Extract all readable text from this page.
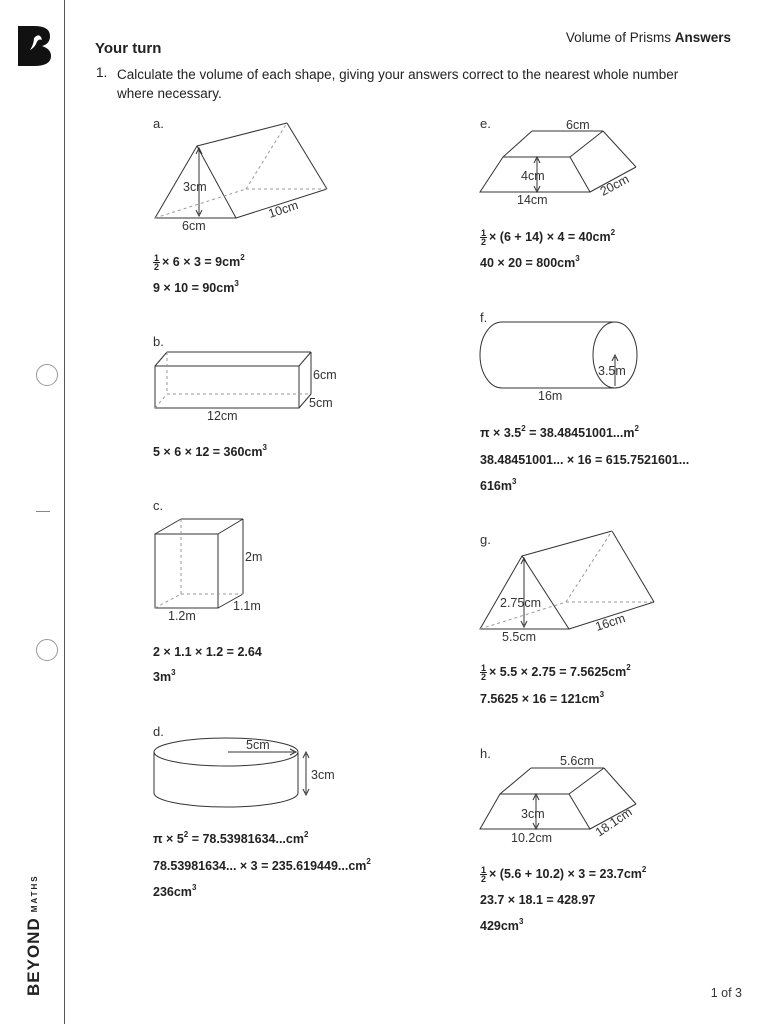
BEYONDMATHS
Volume of Prisms Answers
Your turn
1. Calculate the volume of each shape, giving your answers correct to the nearest whole number where necessary.
a.
3cm
6cm
10cm
$\frac{1}{2} \times 6 \times 3 = 9cm^2$
$9 \times 10 = 90cm^3$
b.
6cm
5cm
12cm
$5 \times 6 \times 12 = 360cm^3$
c.
2m
1.1m
1.2m
2 × 1.1 × 1.2 = 2.64
$3m^3$
d.
5cm
3cm
$\pi \times 5^2 = 78.53981634...cm^2$
78.53981634... × $3 = 235.619449...cm^2$
$236cm^3$
e.	6cm
4cm
14cm
20cm
$\frac{1}{2} \times (6 + 14) \times 4 = 40cm^2$
$40 \times 20 = 800cm^3$
f.
3.5m
16m
$\pi \times 3.5^2 = 38.48451001...m^2$
38.48451001... × 16 = 615.7521601...
$616m^3$
g.
2.75cm
5.5cm
16cm
$\frac{1}{2} \times 5.5 \times 2.75 = 7.5625cm^2$
$7.5625 \times 16 = 121cm^3$
h.	5.6cm
3cm
10.2cm	18.1cm
$\frac{1}{2} \times (5.6 + 10.2) \times 3 = 23.7cm^2$
23.7 × 18.1 = 428.97
$429cm^3$
1 of 3
